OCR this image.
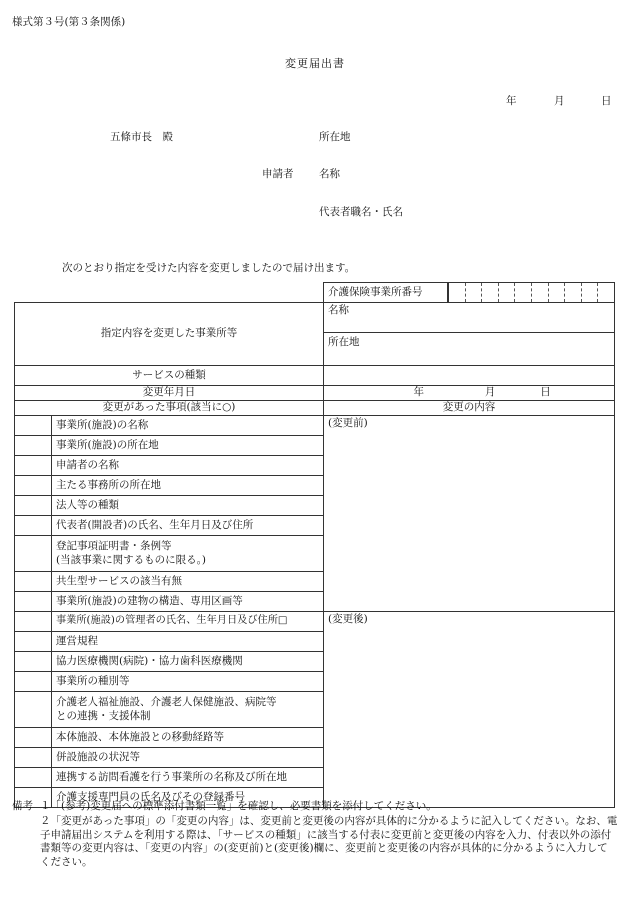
様式第３号(第３条関係)
変更届出書
年	月	日
五條市長　殿	所在地
申請者 名称
代表者職名・氏名
次のとおり指定を受けた内容を変更しましたので届け出ます。
		介護保険事業所番号	

指定内容を変更した事業所等		名称	
		所在地	
サービスの種類			
変更年月日		年 月 日	
変更があった事項(該当に○)		変更の内容	
	事業所(施設)の名称	(変更前)	
	事業所(施設)の所在地		
	申請者の名称		
	主たる事務所の所在地		
	法人等の種類		
	代表者(開設者)の氏名、生年月日及び住所		
	登記事項証明書・条例等
(当該事業に関するものに限る。)		
	共生型サービスの該当有無		
	事業所(施設)の建物の構造、専用区画等		
	事業所(施設)の管理者の氏名、生年月日及び住所□	(変更後)	
	運営規程		
	協力医療機関(病院)・協力歯科医療機関		
	事業所の種別等		
	介護老人福祉施設、介護老人保健施設、病院等
との連携・支援体制		
	本体施設、本体施設との移動経路等		
	併設施設の状況等		
	連携する訪問看護を行う事業所の名称及び所在地		
	介護支援専門員の氏名及びその登録番号		
備考 １「(参考)変更届への標準添付書類一覧」を確認し、必要書類を添付してください。
２「変更があった事項」の「変更の内容」は、変更前と変更後の内容が具体的に分かるように記入してください。なお、電子申請届出システムを利用する際は、「サービスの種類」に該当する付表に変更前と変更後の内容を入力、付表以外の添付書類等の変更内容は、「変更の内容」の(変更前)と(変更後)欄に、変更前と変更後の内容が具体的に分かるように入力してください。
